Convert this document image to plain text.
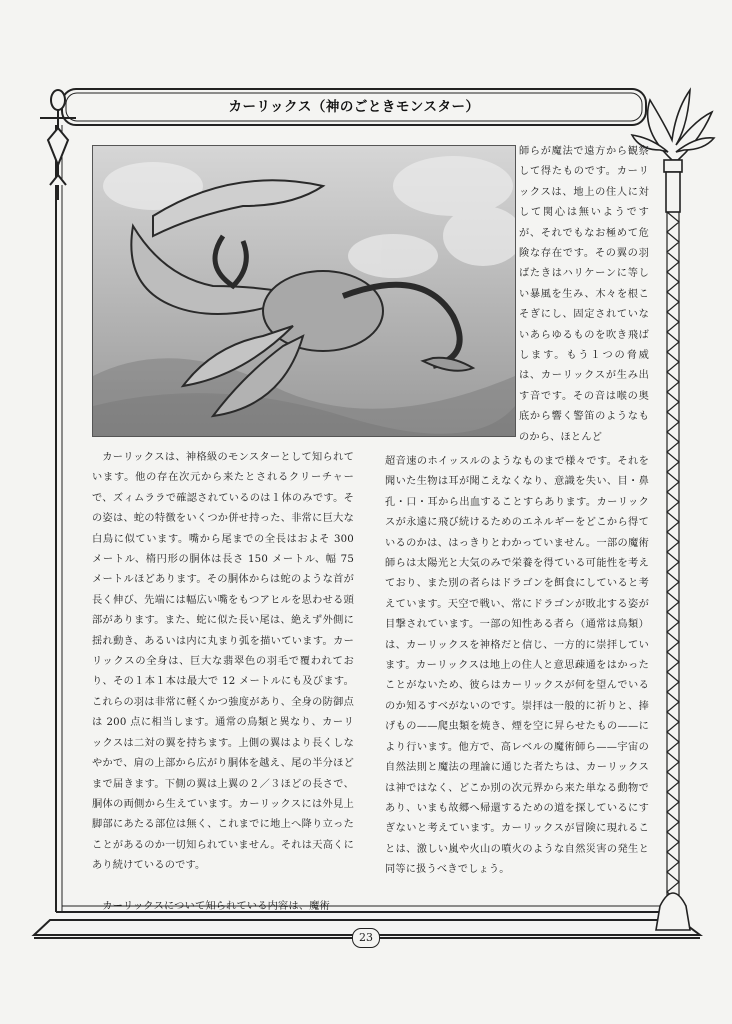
カーリックス（神のごときモンスター）

師らが魔法で遠方から観察して得たものです。カーリックスは、地上の住人に対して関心は無いようですが、それでもなお極めて危険な存在です。その翼の羽ばたきはハリケーンに等しい暴風を生み、木々を根こそぎにし、固定されていないあらゆるものを吹き飛ばします。もう１つの脅威は、カーリックスが生み出す音です。その音は喉の奥底から響く警笛のようなものから、ほとんど

カーリックスは、神格級のモンスターとして知られています。他の存在次元から来たとされるクリーチャーで、ズィムララで確認されているのは１体のみです。その姿は、蛇の特徴をいくつか併せ持った、非常に巨大な白鳥に似ています。嘴から尾までの全長はおよそ 300 メートル、楕円形の胴体は長さ 150 メートル、幅 75 メートルほどあります。その胴体からは蛇のような首が長く伸び、先端には幅広い嘴をもつアヒルを思わせる頭部があります。また、蛇に似た長い尾は、絶えず外側に揺れ動き、あるいは内に丸まり弧を描いています。カーリックスの全身は、巨大な翡翠色の羽毛で覆われており、その１本１本は最大で 12 メートルにも及びます。これらの羽は非常に軽くかつ強度があり、全身の防御点は 200 点に相当します。通常の鳥類と異なり、カーリックスは二対の翼を持ちます。上側の翼はより長くしなやかで、肩の上部から広がり胴体を越え、尾の半分ほどまで届きます。下側の翼は上翼の２／３ほどの長さで、胴体の両側から生えています。カーリックスには外見上脚部にあたる部位は無く、これまでに地上へ降り立ったことがあるのか一切知られていません。それは天高くにあり続けているのです。

カーリックスについて知られている内容は、魔術

超音速のホイッスルのようなものまで様々です。それを聞いた生物は耳が聞こえなくなり、意識を失い、目・鼻孔・口・耳から出血することすらあります。カーリックスが永遠に飛び続けるためのエネルギーをどこから得ているのかは、はっきりとわかっていません。一部の魔術師らは太陽光と大気のみで栄養を得ている可能性を考えており、また別の者らはドラゴンを餌食にしていると考えています。天空で戦い、常にドラゴンが敗北する姿が目撃されています。一部の知性ある者ら（通常は鳥類）は、カーリックスを神格だと信じ、一方的に崇拝しています。カーリックスは地上の住人と意思疎通をはかったことがないため、彼らはカーリックスが何を望んでいるのか知るすべがないのです。崇拝は一般的に祈りと、捧げもの——爬虫類を焼き、煙を空に昇らせたもの——により行います。他方で、高レベルの魔術師ら——宇宙の自然法則と魔法の理論に通じた者たちは、カーリックスは神ではなく、どこか別の次元界から来た単なる動物であり、いまも故郷へ帰還するための道を探しているにすぎないと考えています。カーリックスが冒険に現れることは、激しい嵐や火山の噴火のような自然災害の発生と同等に扱うべきでしょう。

23
